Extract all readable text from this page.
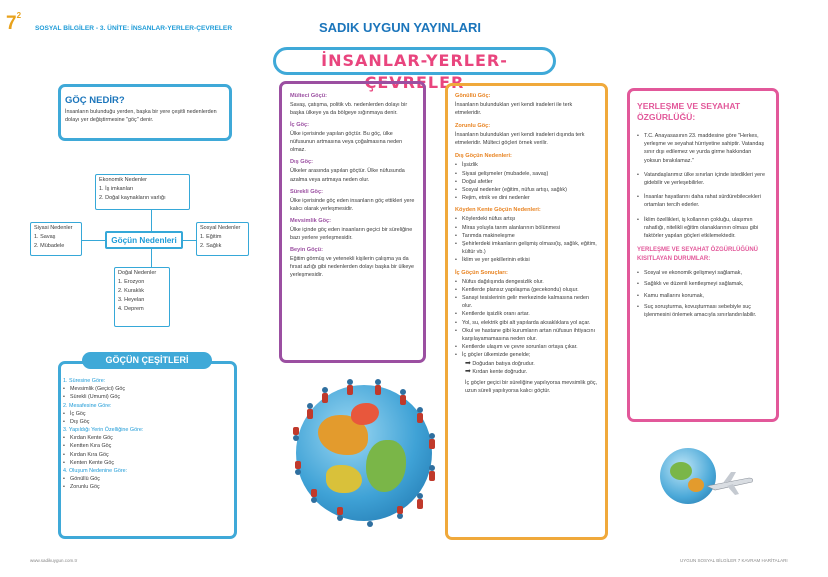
$7^2$
SOSYAL BİLGİLER - 3. ÜNİTE: İNSANLAR-YERLER-ÇEVRELER	SADIK UYGUN YAYINLARI
İNSANLAR-YERLER-ÇEVRELER
GÖÇ NEDİR?
İnsanların bulunduğu yerden, başka bir yere çeşitli nedenlerden dolayı yer değiştirmesine "göç" denir.
Ekonomik Nedenler
1. İş imkanları
2. Doğal kaynakların varlığı
Siyasi Nedenler
1. Savaş
2. Mübadele
Göçün Nedenleri
Sosyal Nedenler
1. Eğitim
2. Sağlık
Doğal Nedenler
1. Erozyon
2. Kuraklık
3. Heyelan
4. Deprem
GÖÇÜN ÇEŞİTLERİ
1. Süresine Göre:
• Mevsimlik (Geçici) Göç
• Sürekli (Umumi) Göç
2. Mesafesine Göre:
• İç Göç
• Dış Göç
3. Yapıldığı Yerin Özelliğine Göre:
• Kırdan Kente Göç
• Kentten Kıra Göç
• Kırdan Kıra Göç
• Kenten Kente Göç
4. Oluşum Nedenine Göre:
• Gönüllü Göç
• Zorunlu Göç
Mülteci Göçü:
Savaş, çatışma, politik vb. nedenlerden dolayı bir başka ülkeye ya da bölgeye sığınmaya denir.
İç Göç:
Ülke içerisinde yapılan göçtür. Bu göç, ülke nüfusunun artmasına veya çoğalmasına neden olmaz.
Dış Göç:
Ülkeler arasında yapılan göçtür. Ülke nüfusunda azalma veya artmaya neden olur.
Sürekli Göç:
Ülke içerisinde göç eden insanların göç ettikleri yere kalıcı olarak yerleşmesidir.
Mevsimlik Göç:
Ülke içinde göç eden insanların geçici bir süreliğine bazı yerlere yerleşmesidir.
Beyin Göçü:
Eğitim görmüş ve yetenekli kişilerin çalışma ya da fırsat azlığı gibi nedenlerden dolayı başka bir ülkeye yerleşmesidir.
Gönüllü Göç:
İnsanların bulundukları yeri kendi iradeleri ile terk etmeleridir.
Zorunlu Göç:
İnsanların bulundukları yeri kendi iradeleri dışında terk etmeleridir. Mülteci göçleri örnek verilir.
Dış Göçün Nedenleri:
• İşsizlik
• Siyasi gelişmeler (mubadele, savaş)
• Doğal afetler
• Sosyal nedenler (eğitim, nüfus artışı, sağlık)
• Rejim, etnik ve dini nedenler
Köyden Kente Göçün Nedenleri:
• Köylerdeki nüfus artışı
• Miras yoluyla tarım alanlarının bölünmesi
• Tarımda makineleşme
• Şehirlerdeki imkanların gelişmiş olması(iş, sağlık, eğitim, kültür vb.)
• İklim ve yer şekillerinin etkisi
İç Göçün Sonuçları:
• Nüfus dağılışında dengesizlik olur.
• Kentlerde plansız yapılaşma (gecekondu) oluşur.
• Sanayi tesislerinin gelir merkezinde kalmasına neden olur.
• Kentlerde işsizlik oranı artar.
• Yol, su, elektrik gibi alt yapılarda aksaklıklara yol açar.
• Okul ve hastane gibi kurumların artan nüfusun ihtiyacını karşılayamamasına neden olur.
• Kentlerde ulaşım ve çevre sorunları ortaya çıkar.
• İç göçler ülkemizde genelde;
➡ Doğudan batıya doğrudur.
➡ Kırdan kente doğrudur.
İç göçler geçici bir süreliğine yapılıyorsa mevsimlik göç, uzun süreli yapılıyorsa kalıcı göçtür.
YERLEŞME VE SEYAHAT ÖZGÜRLÜĞÜ:
• T.C. Anayasasının 23. maddesine göre "Herkes, yerleşme ve seyahat hürriyetine sahiptir. Vatandaş sınır dışı edilemez ve yurda girme hakkından yoksun bırakılamaz."
• Vatandaşlarımız ülke sınırları içinde istedikleri yere gidebilir ve yerleşebilirler.
• İnsanlar hayatlarını daha rahat sürdürebilecekleri ortamları tercih ederler.
• İklim özellikleri, iş kollarının çokluğu, ulaşımın rahatlığı, nitelikli eğitim olanaklarının olması gibi faktörler yapılan göçleri etkilemektedir.
YERLEŞME VE SEYAHAT ÖZGÜRLÜĞÜNÜ KISITLAYAN DURUMLAR:
• Sosyal ve ekonomik gelişmeyi sağlamak,
• Sağlıklı ve düzenli kentleşmeyi sağlamak,
• Kamu mallarını korumak,
• Suç soruşturma, kovuşturması sebebiyle suç işlenmesini önlemek amacıyla sınırlandırılabilir.
www.sadikuygun.com.tr	UYGUN SOSYAL BİLGİLER 7 KAVRAM HARİTALARI
